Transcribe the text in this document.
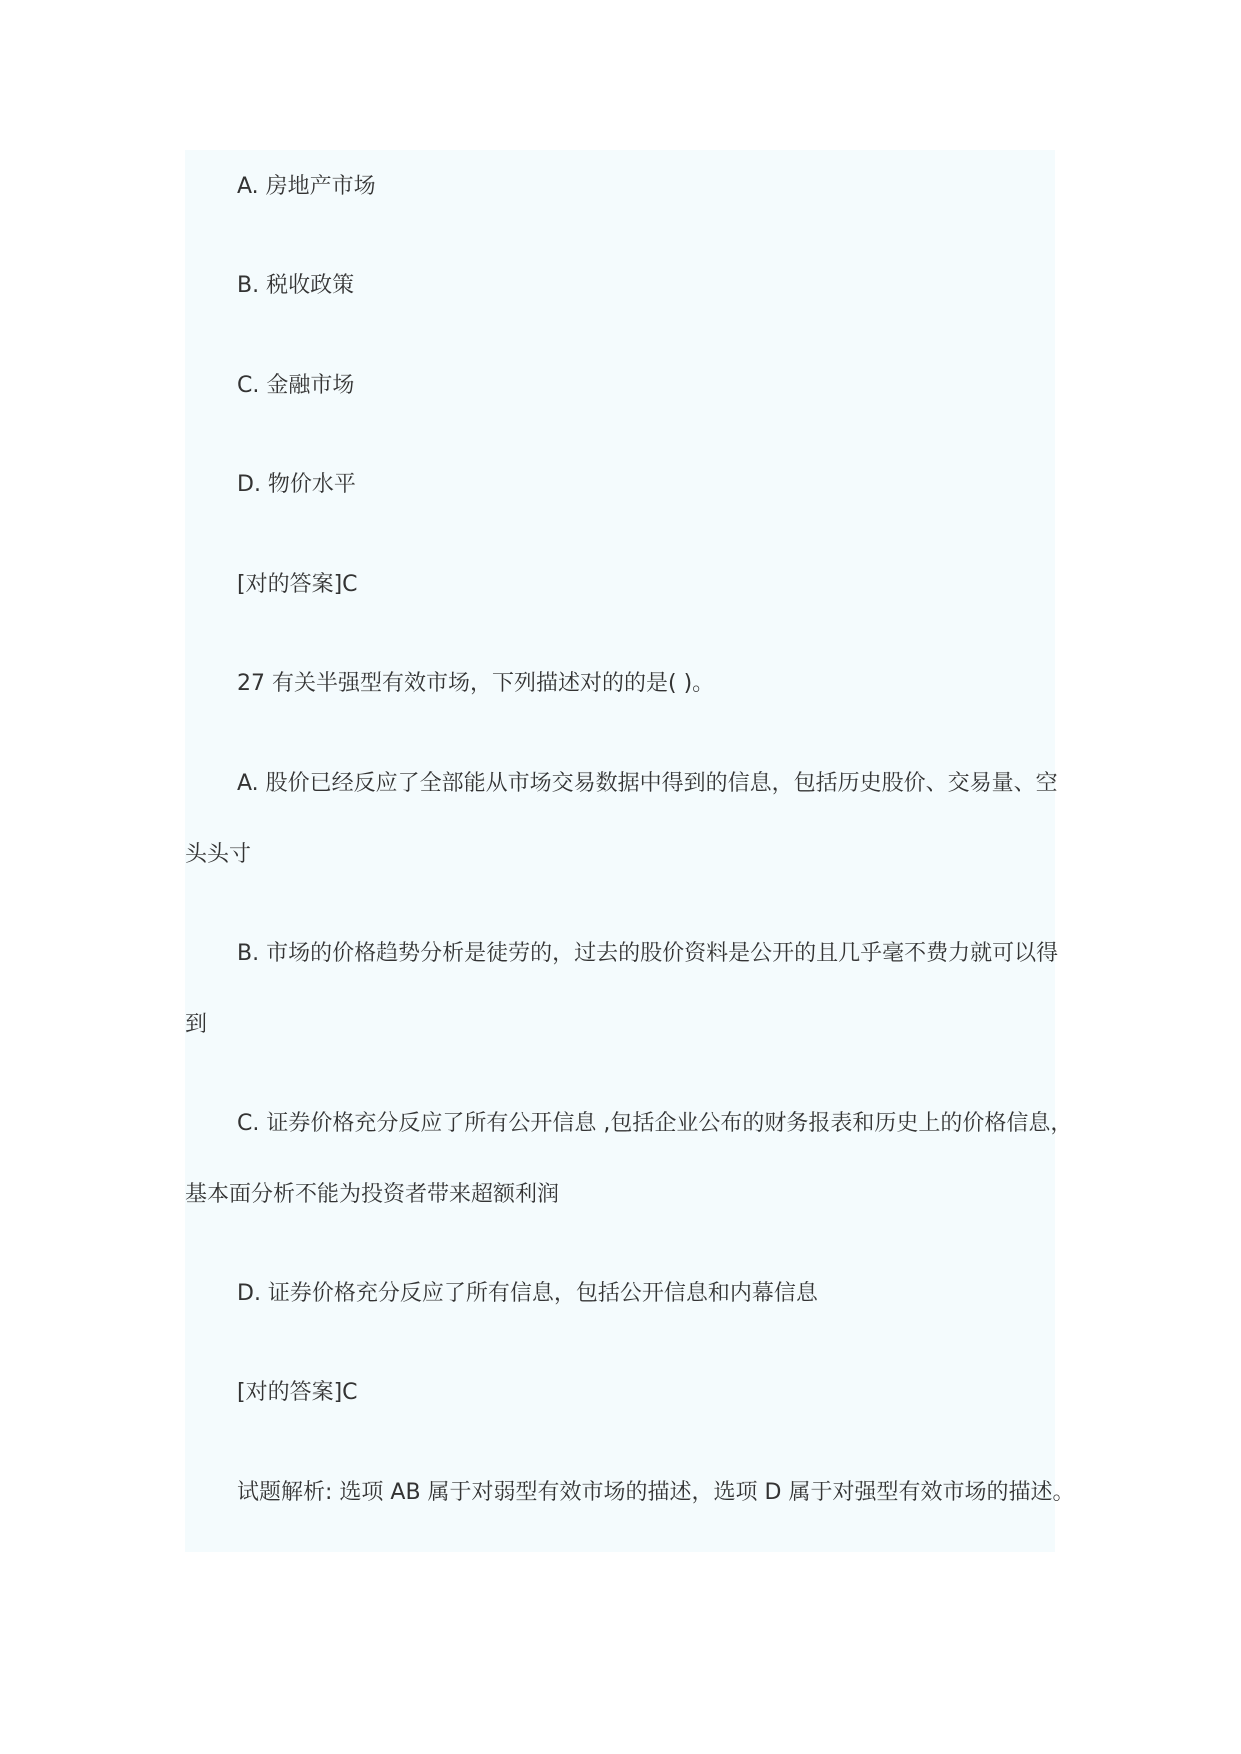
A. 房地产市场
B. 税收政策
C. 金融市场
D. 物价水平
[对的答案]C
27 有关半强型有效市场，下列描述对的的是( )。
A. 股价已经反应了全部能从市场交易数据中得到的信息，包括历史股价、交易量、空
头头寸
B. 市场的价格趋势分析是徒劳的，过去的股价资料是公开的且几乎毫不费力就可以得
到
C. 证券价格充分反应了所有公开信息 ,包括企业公布的财务报表和历史上的价格信息，
基本面分析不能为投资者带来超额利润
D. 证券价格充分反应了所有信息，包括公开信息和内幕信息
[对的答案]C
试题解析: 选项 AB 属于对弱型有效市场的描述，选项 D 属于对强型有效市场的描述。
